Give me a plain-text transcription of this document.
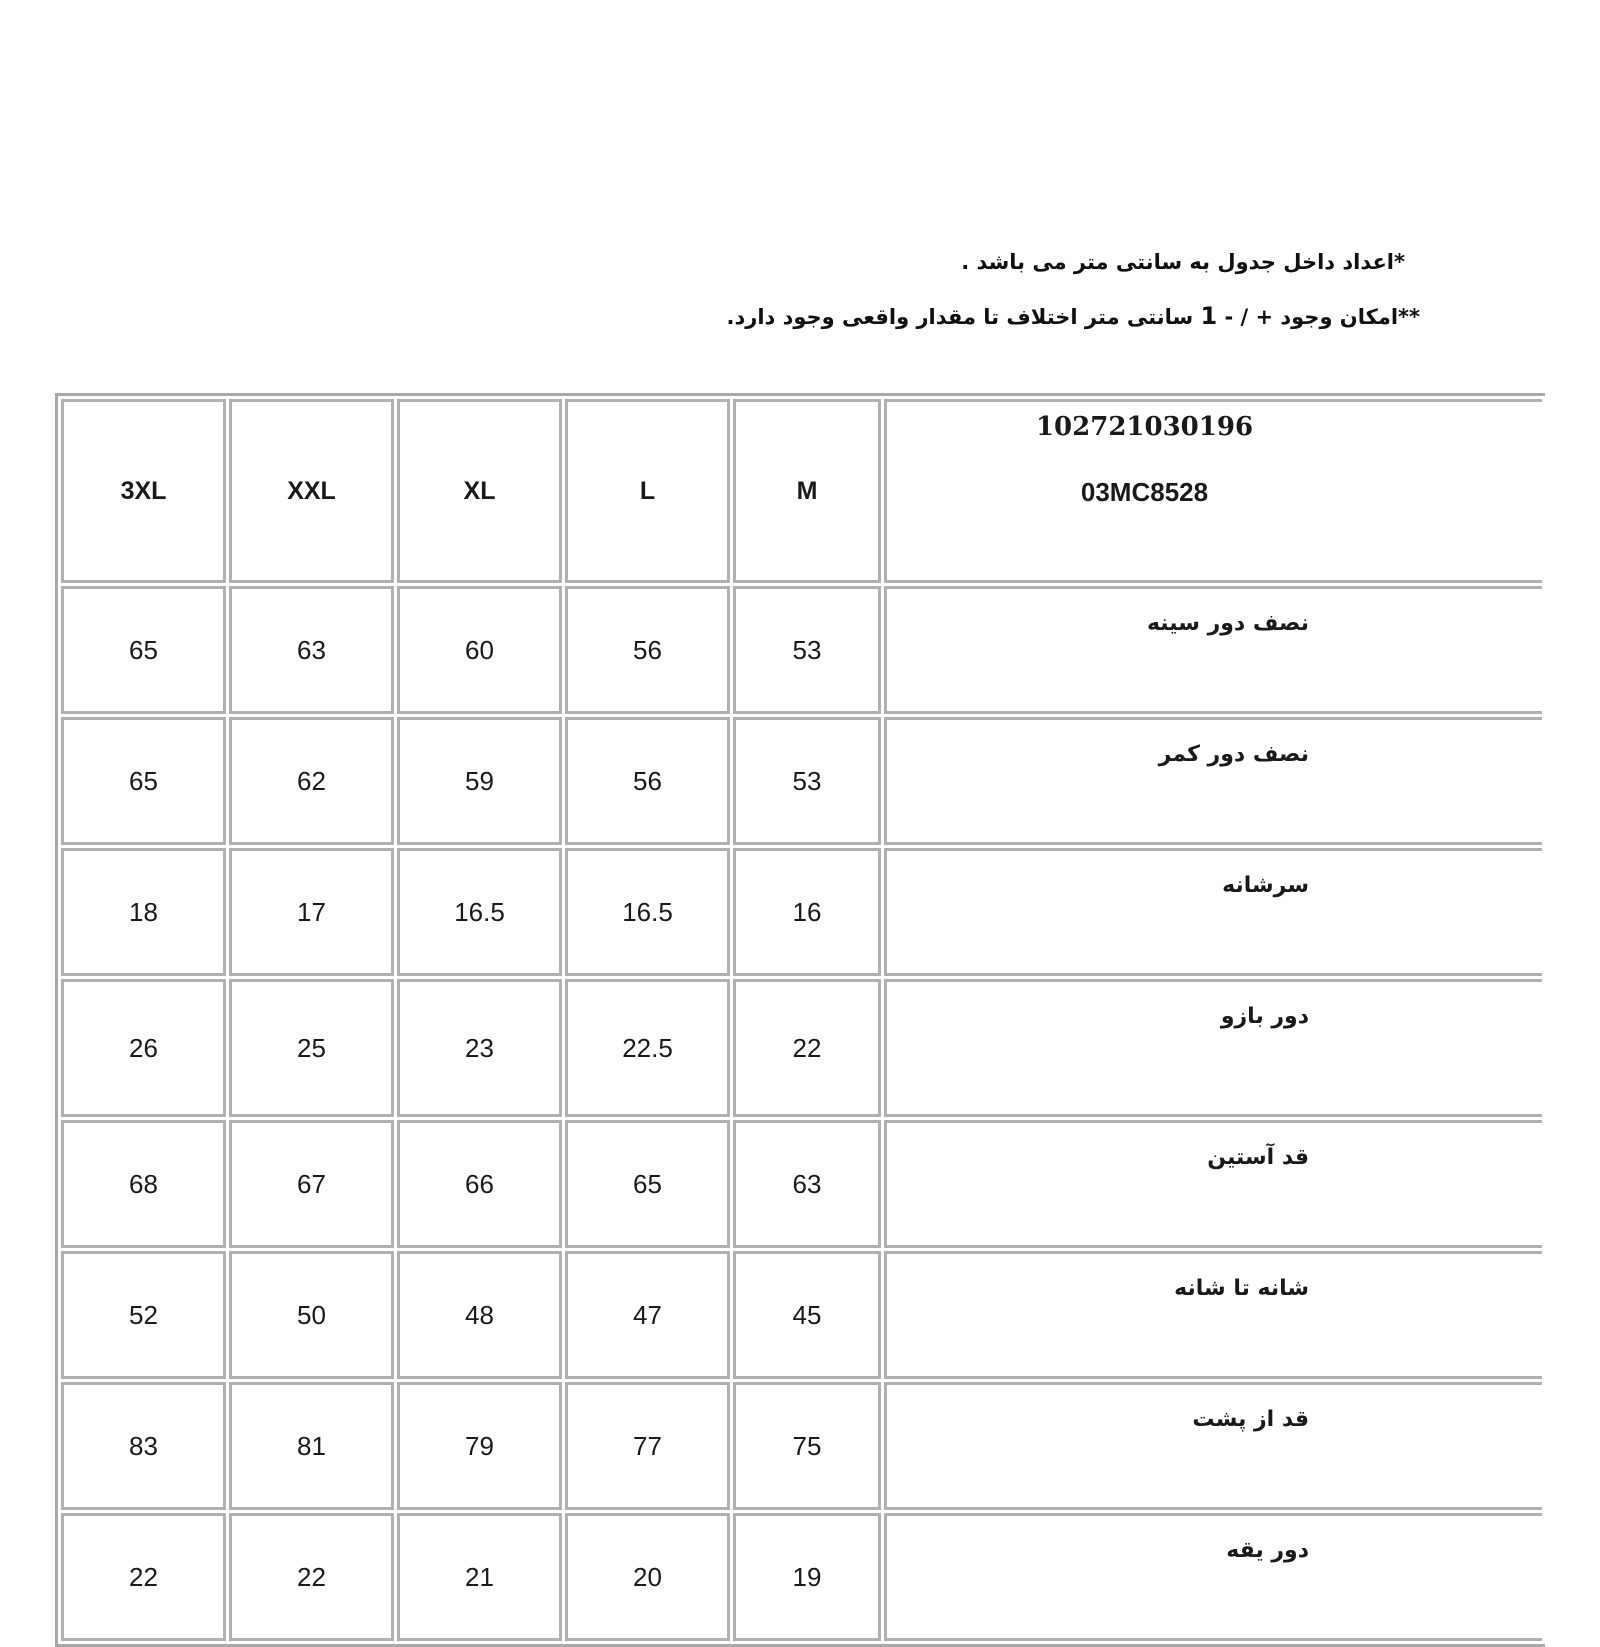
*اعداد داخل جدول به سانتی متر می باشد .
**امکان وجود + / - 1 سانتی متر اختلاف تا مقدار واقعی وجود دارد.
3XL	XXL	XL	L	M	102721030196
03MC8528

65	63	60	56	53	نصف دور سینه
65	62	59	56	53	نصف دور کمر
18	17	16.5	16.5	16	سرشانه
26	25	23	22.5	22	دور بازو
68	67	66	65	63	قد آستین
52	50	48	47	45	شانه تا شانه
83	81	79	77	75	قد از پشت
22	22	21	20	19	دور یقه
